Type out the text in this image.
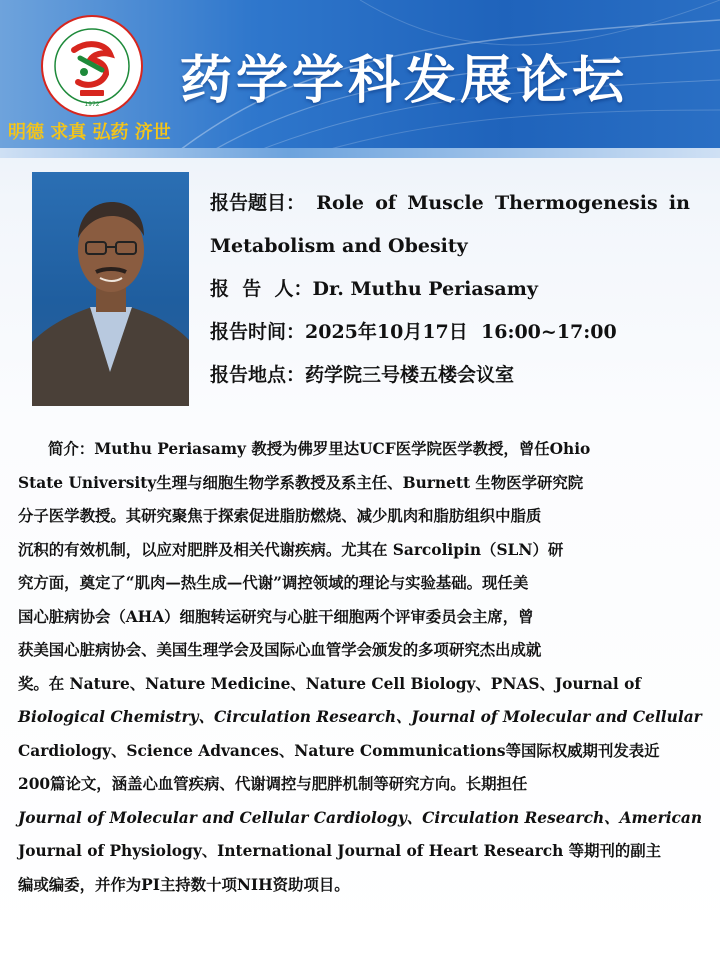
1972
明德 求真 弘药 济世
药学学科发展论坛
报告题目： Role of Muscle Thermogenesis in
Metabolism and Obesity
报  告  人：Dr. Muthu Periasamy
报告时间：2025年10月17日  16:00~17:00
报告地点：药学院三号楼五楼会议室
简介：Muthu Periasamy 教授为佛罗里达UCF医学院医学教授，曾任Ohio
State University生理与细胞生物学系教授及系主任、Burnett 生物医学研究院
分子医学教授。其研究聚焦于探索促进脂肪燃烧、减少肌肉和脂肪组织中脂质
沉积的有效机制，以应对肥胖及相关代谢疾病。尤其在 Sarcolipin（SLN）研
究方面，奠定了“肌肉—热生成—代谢”调控领域的理论与实验基础。现任美
国心脏病协会（AHA）细胞转运研究与心脏干细胞两个评审委员会主席，曾
获美国心脏病协会、美国生理学会及国际心血管学会颁发的多项研究杰出成就
奖。在 Nature、Nature Medicine、Nature Cell Biology、PNAS、Journal of
Biological Chemistry、Circulation Research、Journal of Molecular and Cellular
Cardiology、Science Advances、Nature Communications等国际权威期刊发表近
200篇论文，涵盖心血管疾病、代谢调控与肥胖机制等研究方向。长期担任
Journal of Molecular and Cellular Cardiology、Circulation Research、American
Journal of Physiology、International Journal of Heart Research 等期刊的副主
编或编委，并作为PI主持数十项NIH资助项目。
